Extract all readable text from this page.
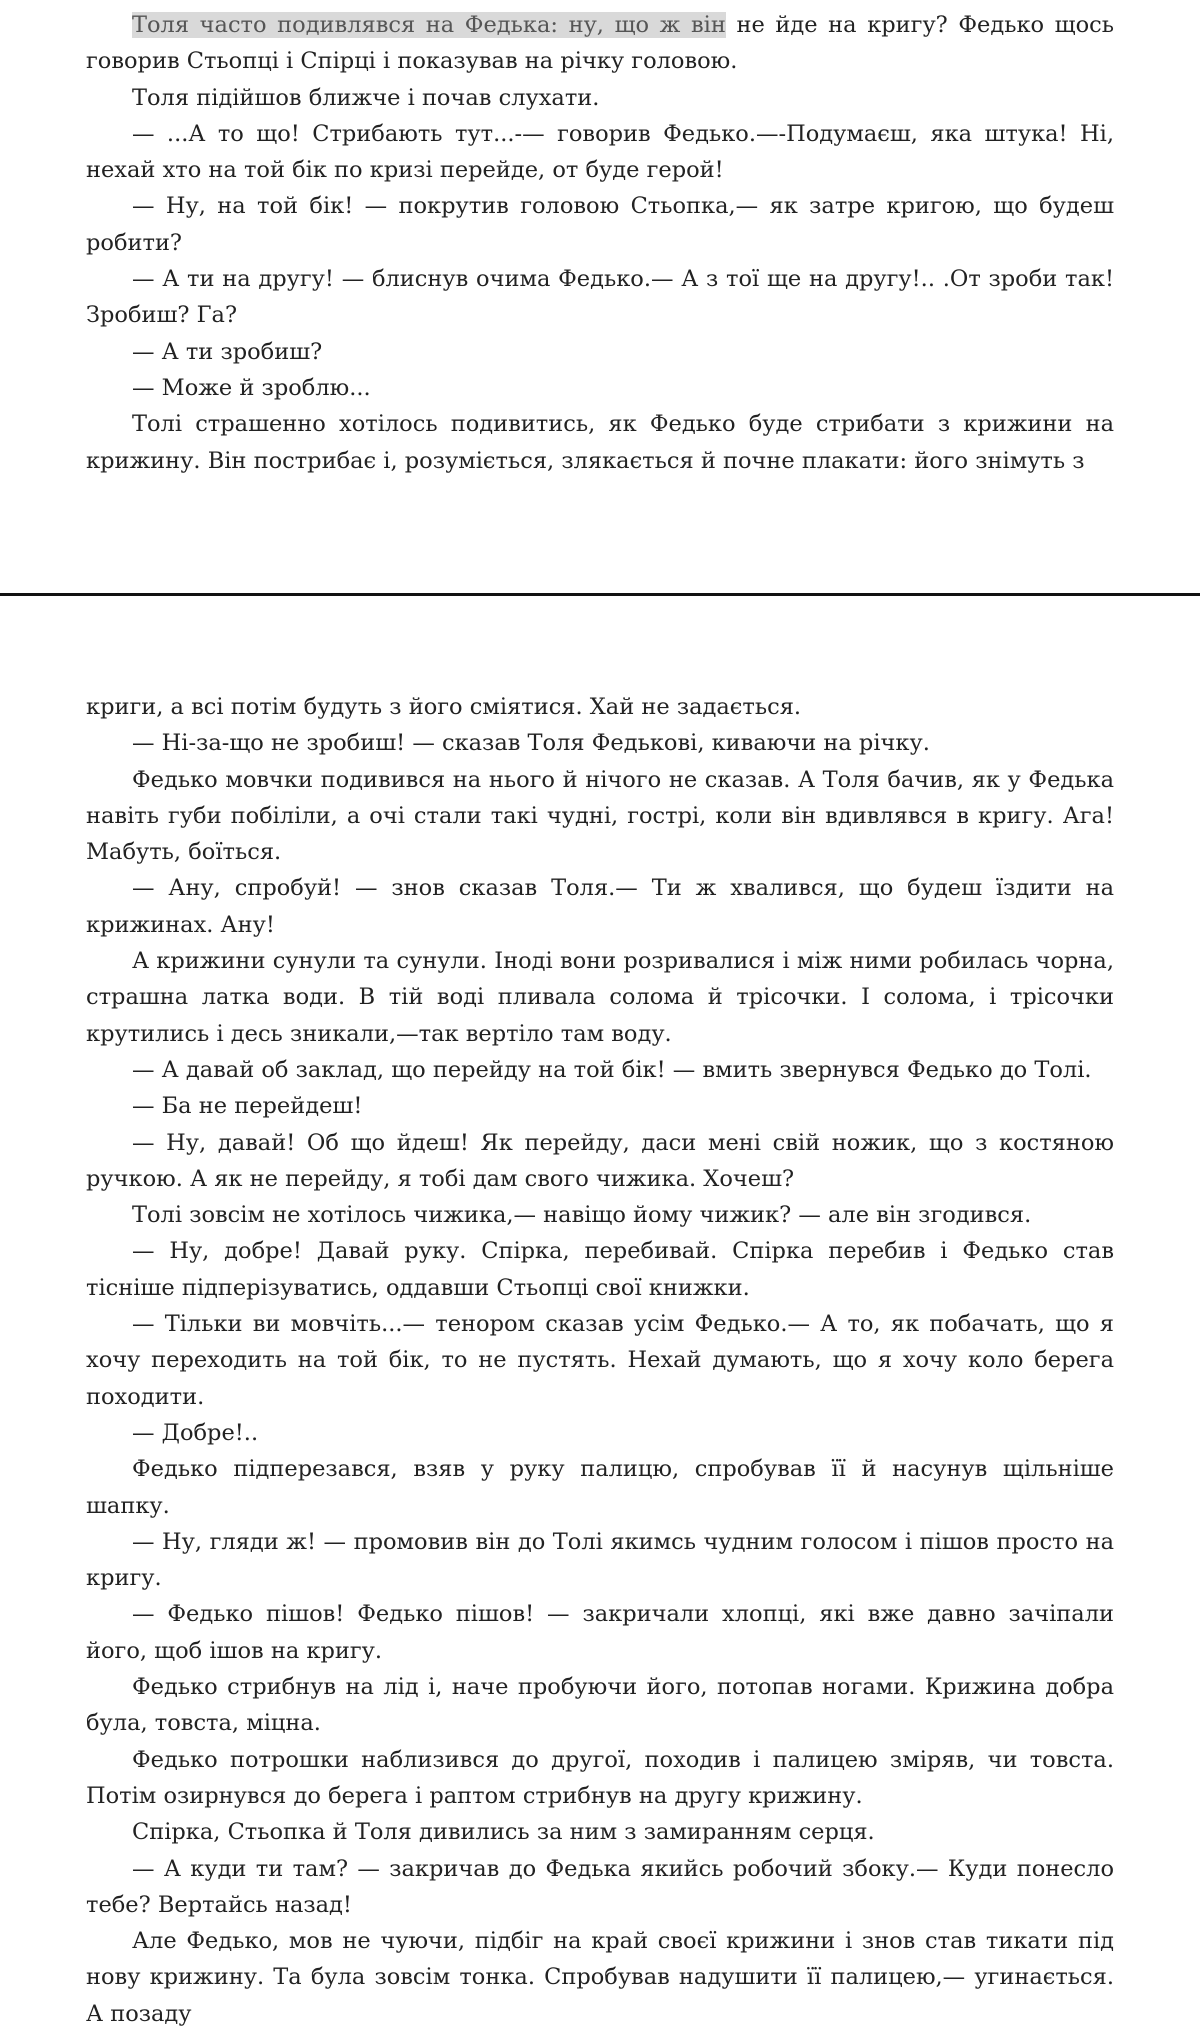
Толя часто подивлявся на Федька: ну, що ж він не йде на кригу? Федько щось говорив Стьопці і Спірці і показував на річку головою.

Толя підійшов ближче і почав слухати.

— ...А то що! Стрибають тут...-— говорив Федько.—-Подумаєш, яка штука! Ні, нехай хто на той бік по кризі перейде, от буде герой!

— Ну, на той бік! — покрутив головою Стьопка,— як затре кригою, що будеш робити?

— А ти на другу! — блиснув очима Федько.— А з тої ще на другу!.. .От зроби так! Зробиш? Га?

— А ти зробиш?

— Може й зроблю...

Толі страшенно хотілось подивитись, як Федько буде стрибати з крижини на крижину. Він пострибає і, розуміється, злякається й почне плакати: його знімуть з

криги, а всі потім будуть з його сміятися. Хай не задається.

— Ні-за-що не зробиш! — сказав Толя Федькові, киваючи на річку.

Федько мовчки подивився на нього й нічого не сказав. А Толя бачив, як у Федька навіть губи побіліли, а очі стали такі чудні, гострі, коли він вдивлявся в кригу. Ага! Мабуть, боїться.

— Ану, спробуй! — знов сказав Толя.— Ти ж хвалився, що будеш їздити на крижинах. Ану!

А крижини сунули та сунули. Іноді вони розривалися і між ними робилась чорна, страшна латка води. В тій воді пливала солома й трісочки. І солома, і трісочки крутились і десь зникали,—так вертіло там воду.

— А давай об заклад, що перейду на той бік! — вмить звернувся Федько до Толі.

— Ба не перейдеш!

— Ну, давай! Об що йдеш! Як перейду, даси мені свій ножик, що з костяною ручкою. А як не перейду, я тобі дам свого чижика. Хочеш?

Толі зовсім не хотілось чижика,— навіщо йому чижик? — але він згодився.

— Ну, добре! Давай руку. Спірка, перебивай. Спірка перебив і Федько став тісніше підперізуватись, оддавши Стьопці свої книжки.

— Тільки ви мовчіть...— тенором сказав усім Федько.— А то, як побачать, що я хочу переходить на той бік, то не пустять. Нехай думають, що я хочу коло берега походити.

— Добре!..

Федько підперезався, взяв у руку палицю, спробував її й насунув щільніше шапку.

— Ну, гляди ж! — промовив він до Толі якимсь чудним голосом і пішов просто на кригу.

— Федько пішов! Федько пішов! — закричали хлопці, які вже давно зачіпали його, щоб ішов на кригу.

Федько стрибнув на лід і, наче пробуючи його, потопав ногами. Крижина добра була, товста, міцна.

Федько потрошки наблизився до другої, походив і палицею зміряв, чи товста. Потім озирнувся до берега і раптом стрибнув на другу крижину.

Спірка, Стьопка й Толя дивились за ним з замиранням серця.

— А куди ти там? — закричав до Федька якийсь робочий збоку.— Куди понесло тебе? Вертайсь назад!

Але Федько, мов не чуючи, підбіг на край своєї крижини і знов став тикати під нову крижину. Та була зовсім тонка. Спробував надушити її палицею,— угинається. А позаду
